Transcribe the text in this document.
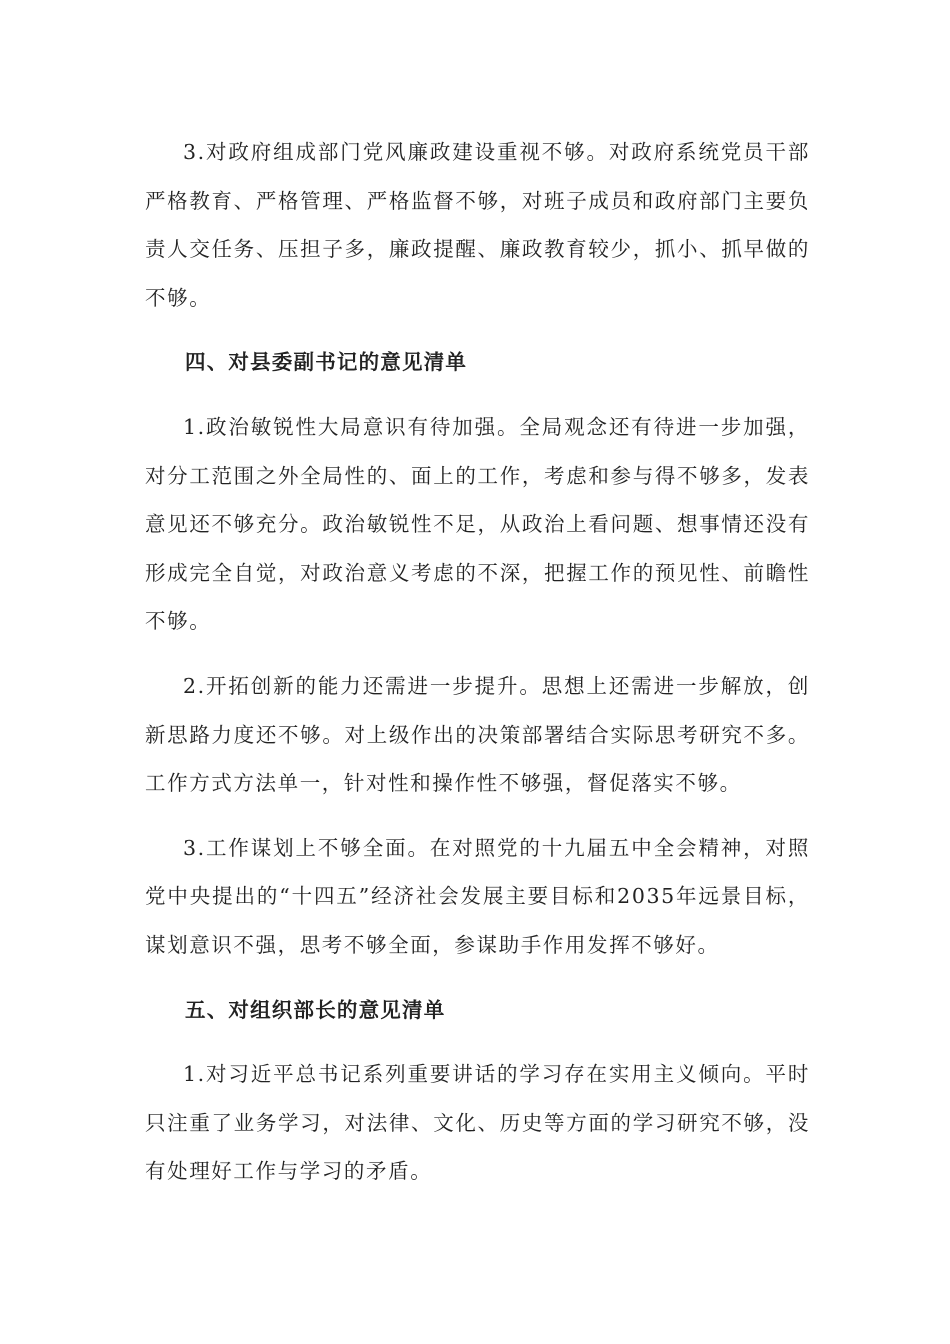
3.对政府组成部门党风廉政建设重视不够。对政府系统党员干部严格教育、严格管理、严格监督不够，对班子成员和政府部门主要负责人交任务、压担子多，廉政提醒、廉政教育较少，抓小、抓早做的不够。

四、对县委副书记的意见清单

1.政治敏锐性大局意识有待加强。全局观念还有待进一步加强，对分工范围之外全局性的、面上的工作，考虑和参与得不够多，发表意见还不够充分。政治敏锐性不足，从政治上看问题、想事情还没有形成完全自觉，对政治意义考虑的不深，把握工作的预见性、前瞻性不够。

2.开拓创新的能力还需进一步提升。思想上还需进一步解放，创新思路力度还不够。对上级作出的决策部署结合实际思考研究不多。工作方式方法单一，针对性和操作性不够强，督促落实不够。

3.工作谋划上不够全面。在对照党的十九届五中全会精神，对照党中央提出的“十四五”经济社会发展主要目标和2035年远景目标，谋划意识不强，思考不够全面，参谋助手作用发挥不够好。

五、对组织部长的意见清单

1.对习近平总书记系列重要讲话的学习存在实用主义倾向。平时只注重了业务学习，对法律、文化、历史等方面的学习研究不够，没有处理好工作与学习的矛盾。
